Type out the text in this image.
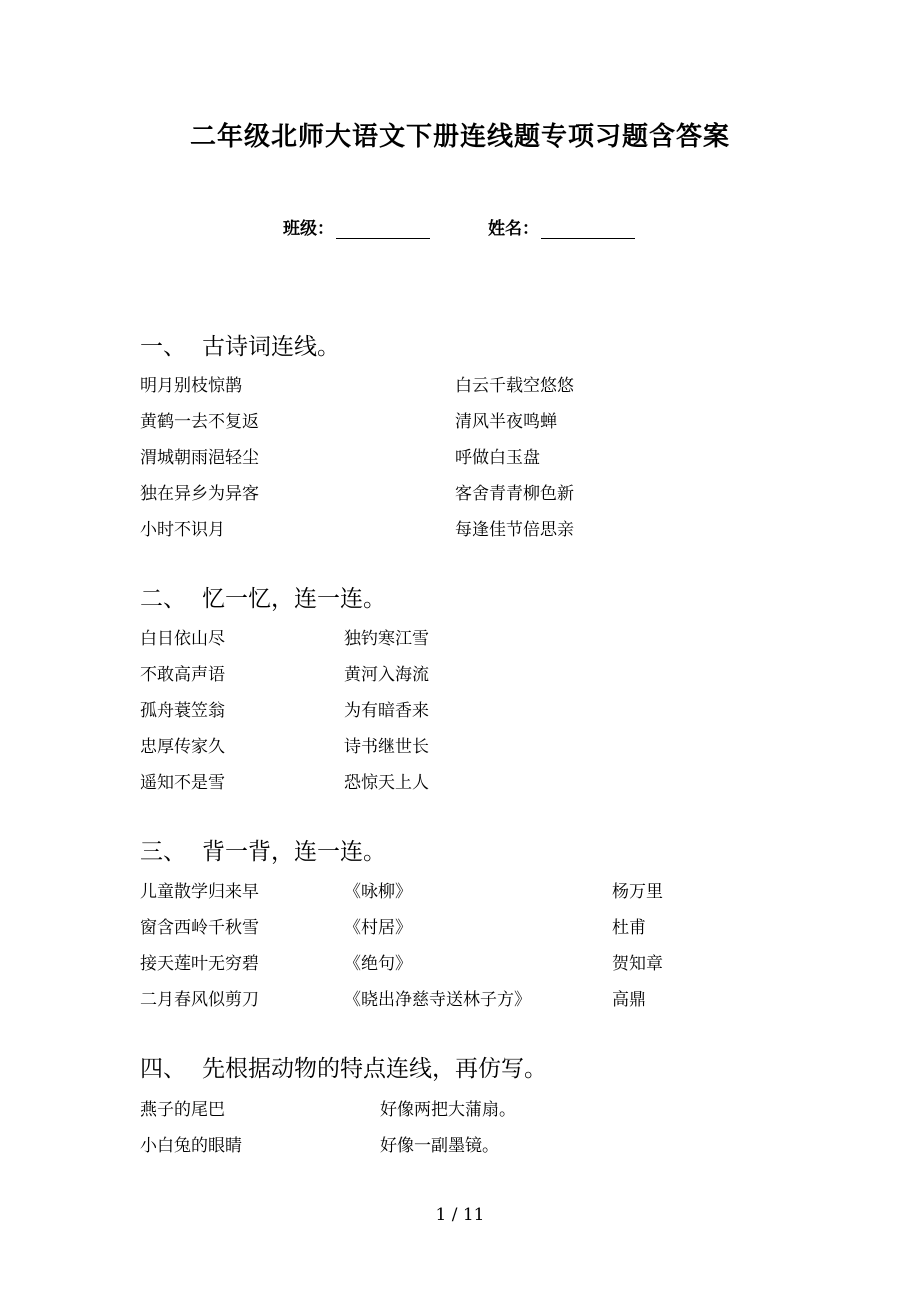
二年级北师大语文下册连线题专项习题含答案
班级：	姓名：
一、 古诗词连线。
明月别枝惊鹊	白云千载空悠悠
黄鹤一去不复返	清风半夜鸣蝉
渭城朝雨浥轻尘	呼做白玉盘
独在异乡为异客	客舍青青柳色新
小时不识月	每逢佳节倍思亲
二、 忆一忆，连一连。
白日依山尽	独钓寒江雪
不敢高声语	黄河入海流
孤舟蓑笠翁	为有暗香来
忠厚传家久	诗书继世长
遥知不是雪	恐惊天上人
三、 背一背，连一连。
儿童散学归来早	《咏柳》	杨万里
窗含西岭千秋雪	《村居》	杜甫
接天莲叶无穷碧	《绝句》	贺知章
二月春风似剪刀	《晓出净慈寺送林子方》	高鼎
四、 先根据动物的特点连线，再仿写。
燕子的尾巴	好像两把大蒲扇。
小白兔的眼睛	好像一副墨镜。
1 / 11
